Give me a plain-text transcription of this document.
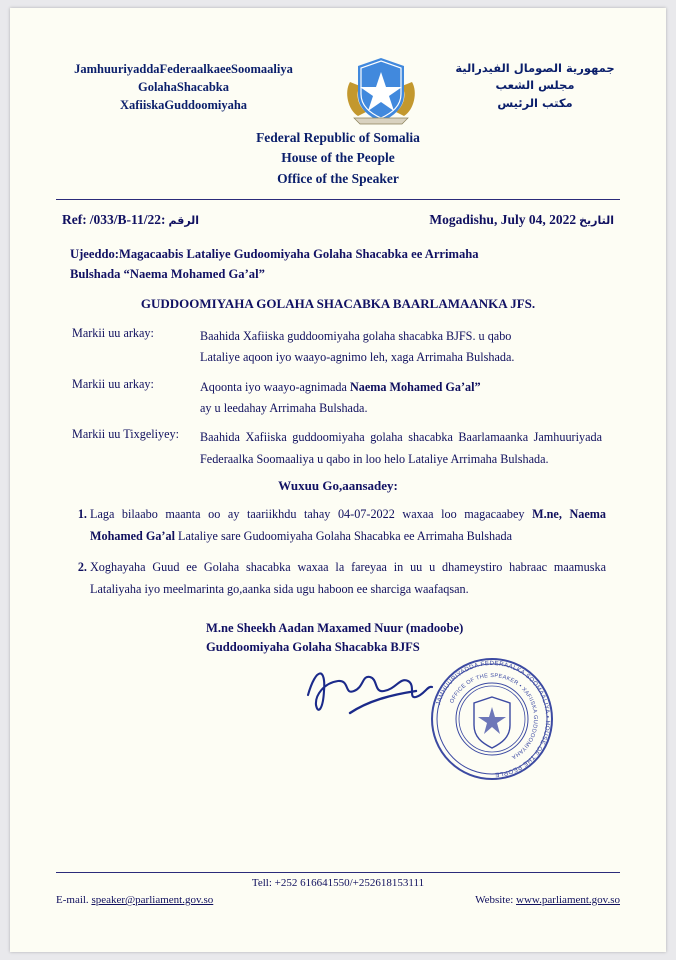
JamhuuriyaddaFederaalkaeeSoomaaliya
GolahaShacabka
XafiiskaGuddoomiyaha
جمهورية الصومال الفيدرالية
مجلس الشعب
مكتب الرئيس
Federal Republic of Somalia
House of the People
Office of the Speaker
Ref: /033/B-11/22: الرقم	Mogadishu, July 04, 2022 التاريخ
Ujeeddo:Magacaabis Lataliye Gudoomiyaha Golaha Shacabka ee Arrimaha
Bulshada “Naema Mohamed Ga’al”
GUDDOOMIYAHA GOLAHA SHACABKA BAARLAMAANKA JFS.
Markii uu arkay:	Baahida Xafiiska guddoomiyaha golaha shacabka BJFS. u qabo
Lataliye aqoon iyo waayo-agnimo leh, xaga Arrimaha Bulshada.
Markii uu arkay:	Aqoonta iyo waayo-agnimada Naema Mohamed Ga’al”
ay u leedahay Arrimaha Bulshada.
Markii uu Tixgeliyey:	Baahida Xafiiska guddoomiyaha golaha shacabka Baarlamaanka Jamhuuriyada Federaalka Soomaaliya u qabo in loo helo Lataliye Arrimaha Bulshada.
Wuxuu Go,aansadey:
1. Laga bilaabo maanta oo ay taariikhdu tahay 04-07-2022 waxaa loo magacaabey M.ne, Naema Mohamed Ga’al Lataliye sare Gudoomiyaha Golaha Shacabka ee Arrimaha Bulshada
2. Xoghayaha Guud ee Golaha shacabka waxaa la fareyaa in uu u dhameystiro habraac maamuska Lataliyaha iyo meelmarinta go,aanka sida ugu haboon ee sharciga waafaqsan.
M.ne Sheekh Aadan Maxamed Nuur (madoobe)
Guddoomiyaha Golaha Shacabka BJFS
JAMHUURIYADDA FEDERAALKA SOOMAALIYA • HOUSE OF THE PEOPLE
OFFICE OF THE SPEAKER • XAFIISKA GUDDOOMIYAHA
Tell: +252 616641550/+252618153111
E-mail. speaker@parliament.gov.so	Website: www.parliament.gov.so
